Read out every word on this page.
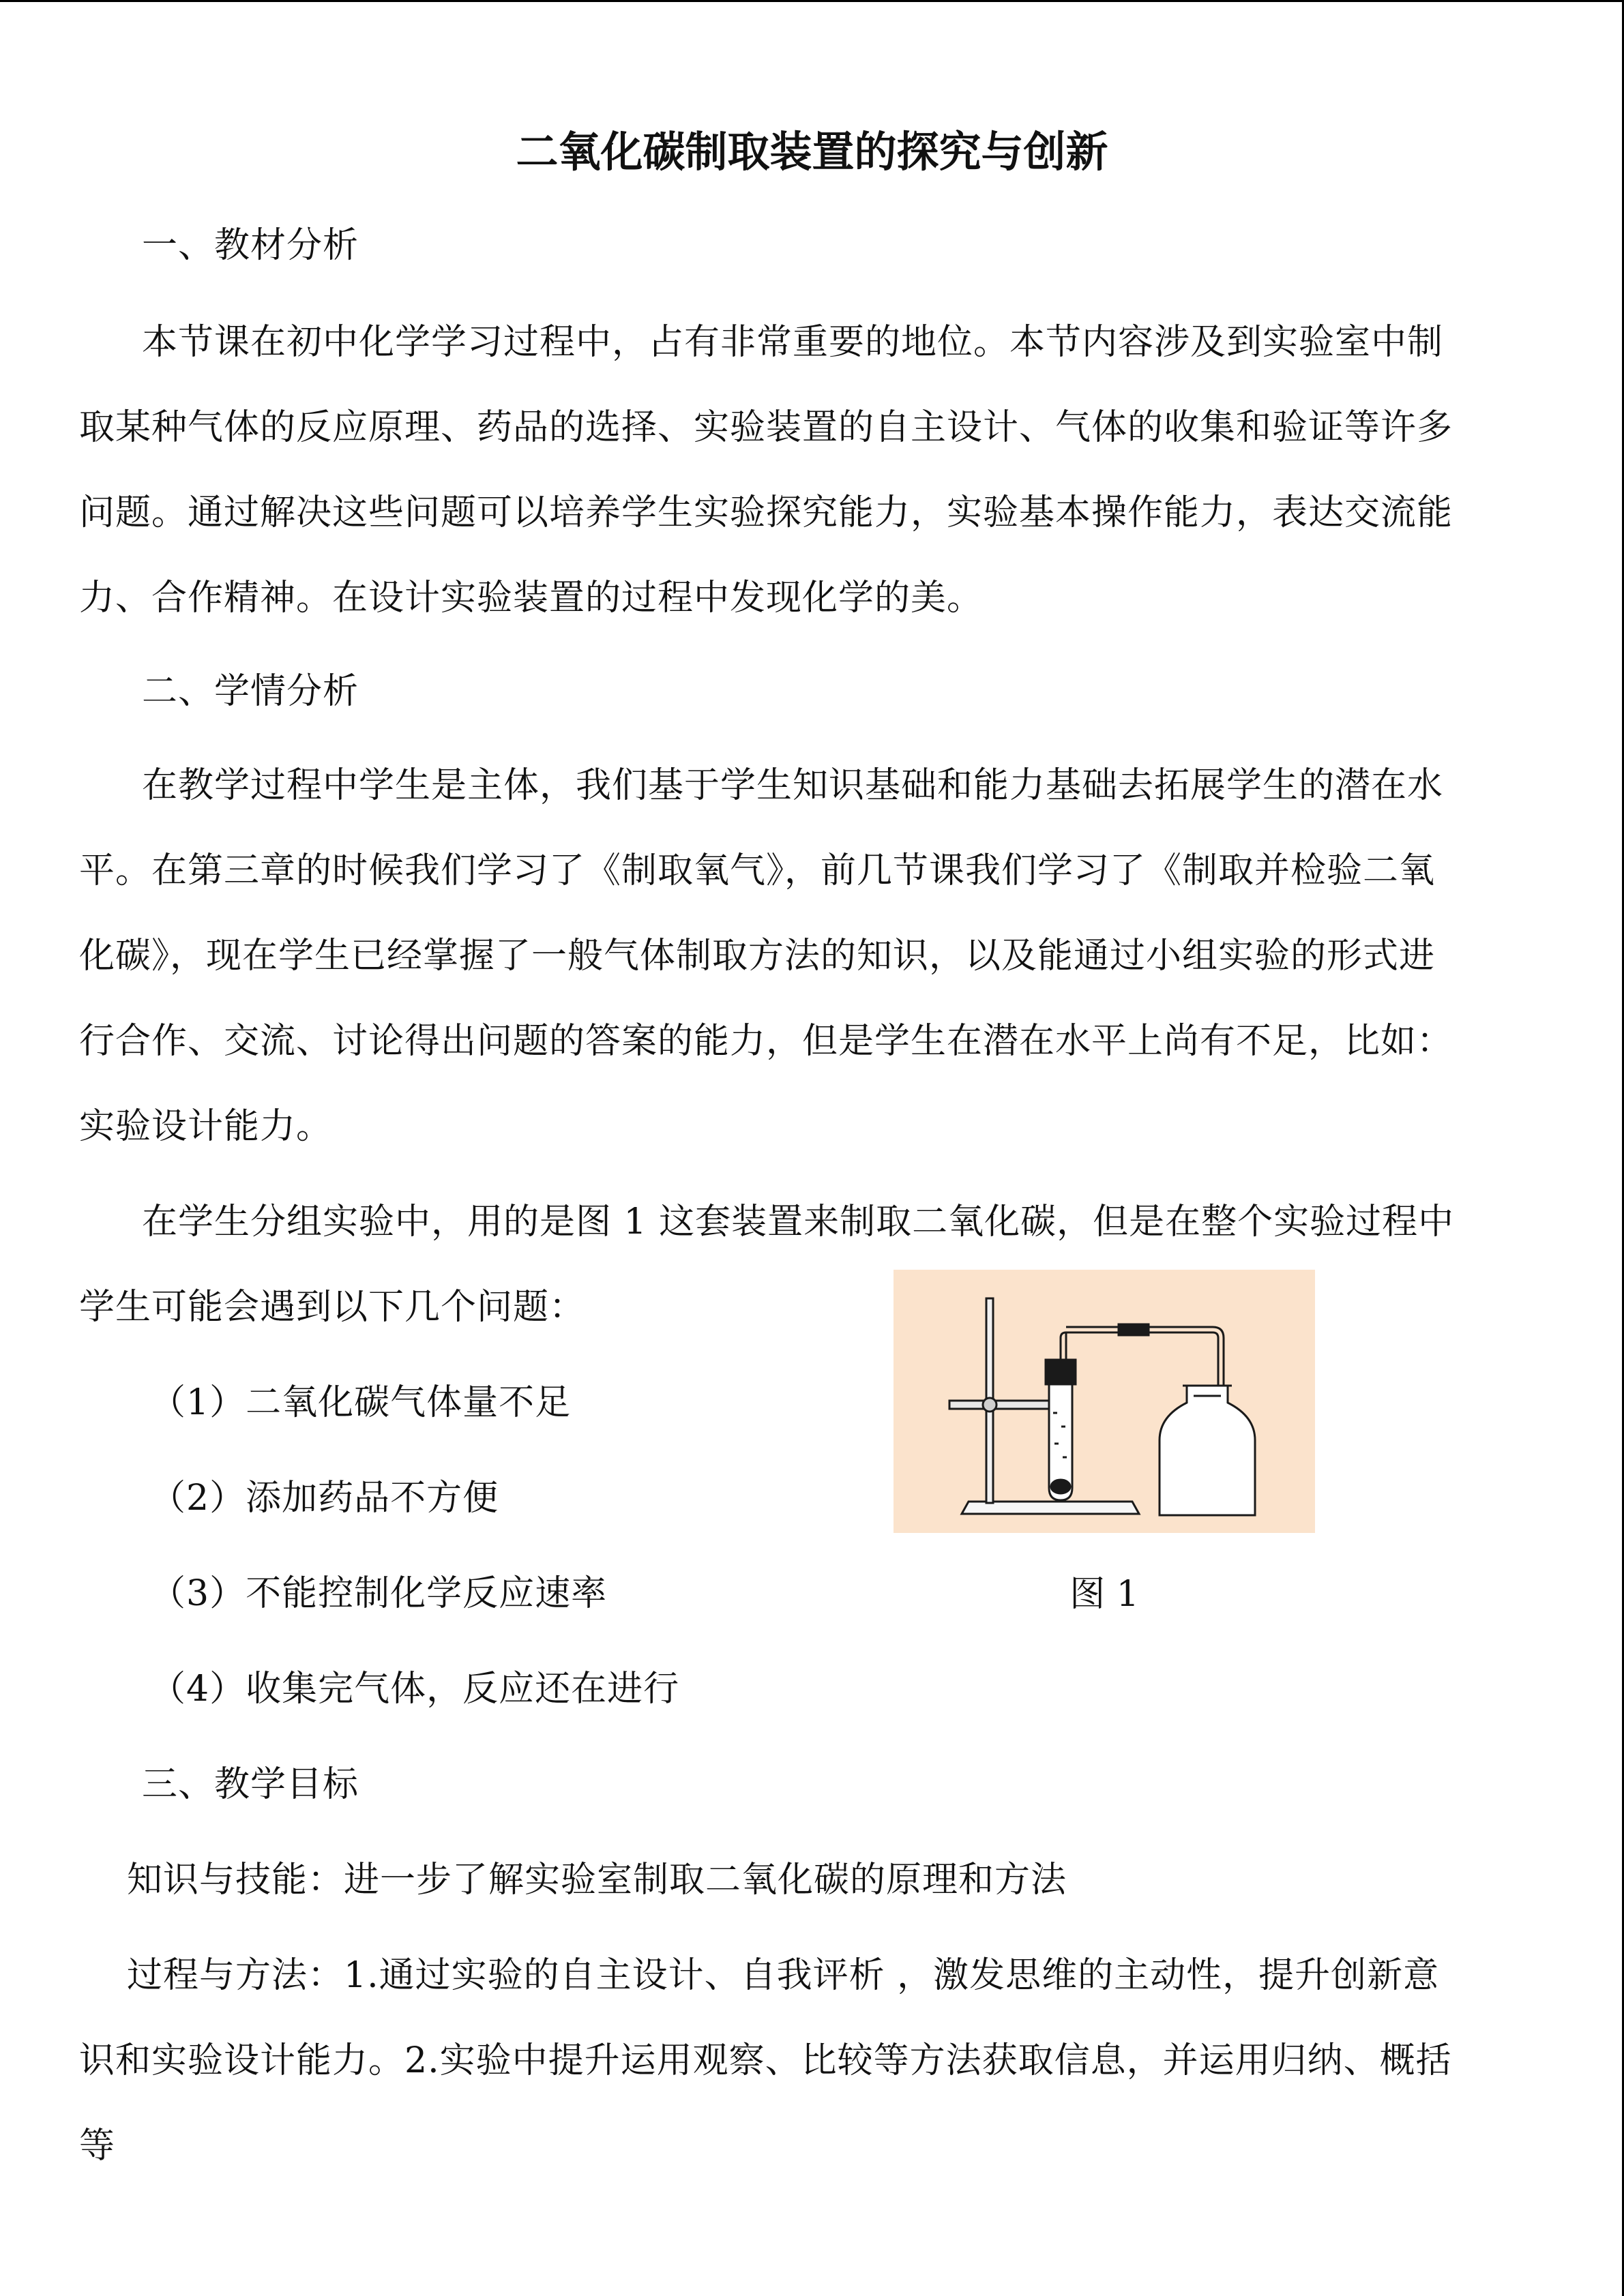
二氧化碳制取装置的探究与创新
一、教材分析
本节课在初中化学学习过程中，占有非常重要的地位。本节内容涉及到实验室中制
取某种气体的反应原理、药品的选择、实验装置的自主设计、气体的收集和验证等许多
问题。通过解决这些问题可以培养学生实验探究能力，实验基本操作能力，表达交流能
力、合作精神。在设计实验装置的过程中发现化学的美。
二、学情分析
在教学过程中学生是主体，我们基于学生知识基础和能力基础去拓展学生的潜在水
平。在第三章的时候我们学习了《制取氧气》，前几节课我们学习了《制取并检验二氧
化碳》，现在学生已经掌握了一般气体制取方法的知识，以及能通过小组实验的形式进
行合作、交流、讨论得出问题的答案的能力，但是学生在潜在水平上尚有不足，比如：
实验设计能力。
在学生分组实验中，用的是图 1 这套装置来制取二氧化碳，但是在整个实验过程中
学生可能会遇到以下几个问题：
（1）二氧化碳气体量不足
（2）添加药品不方便
（3）不能控制化学反应速率
（4）收集完气体，反应还在进行
图 1
三、教学目标
知识与技能：进一步了解实验室制取二氧化碳的原理和方法
过程与方法：1.通过实验的自主设计、自我评析 ，激发思维的主动性，提升创新意
识和实验设计能力。2.实验中提升运用观察、比较等方法获取信息，并运用归纳、概括
等
